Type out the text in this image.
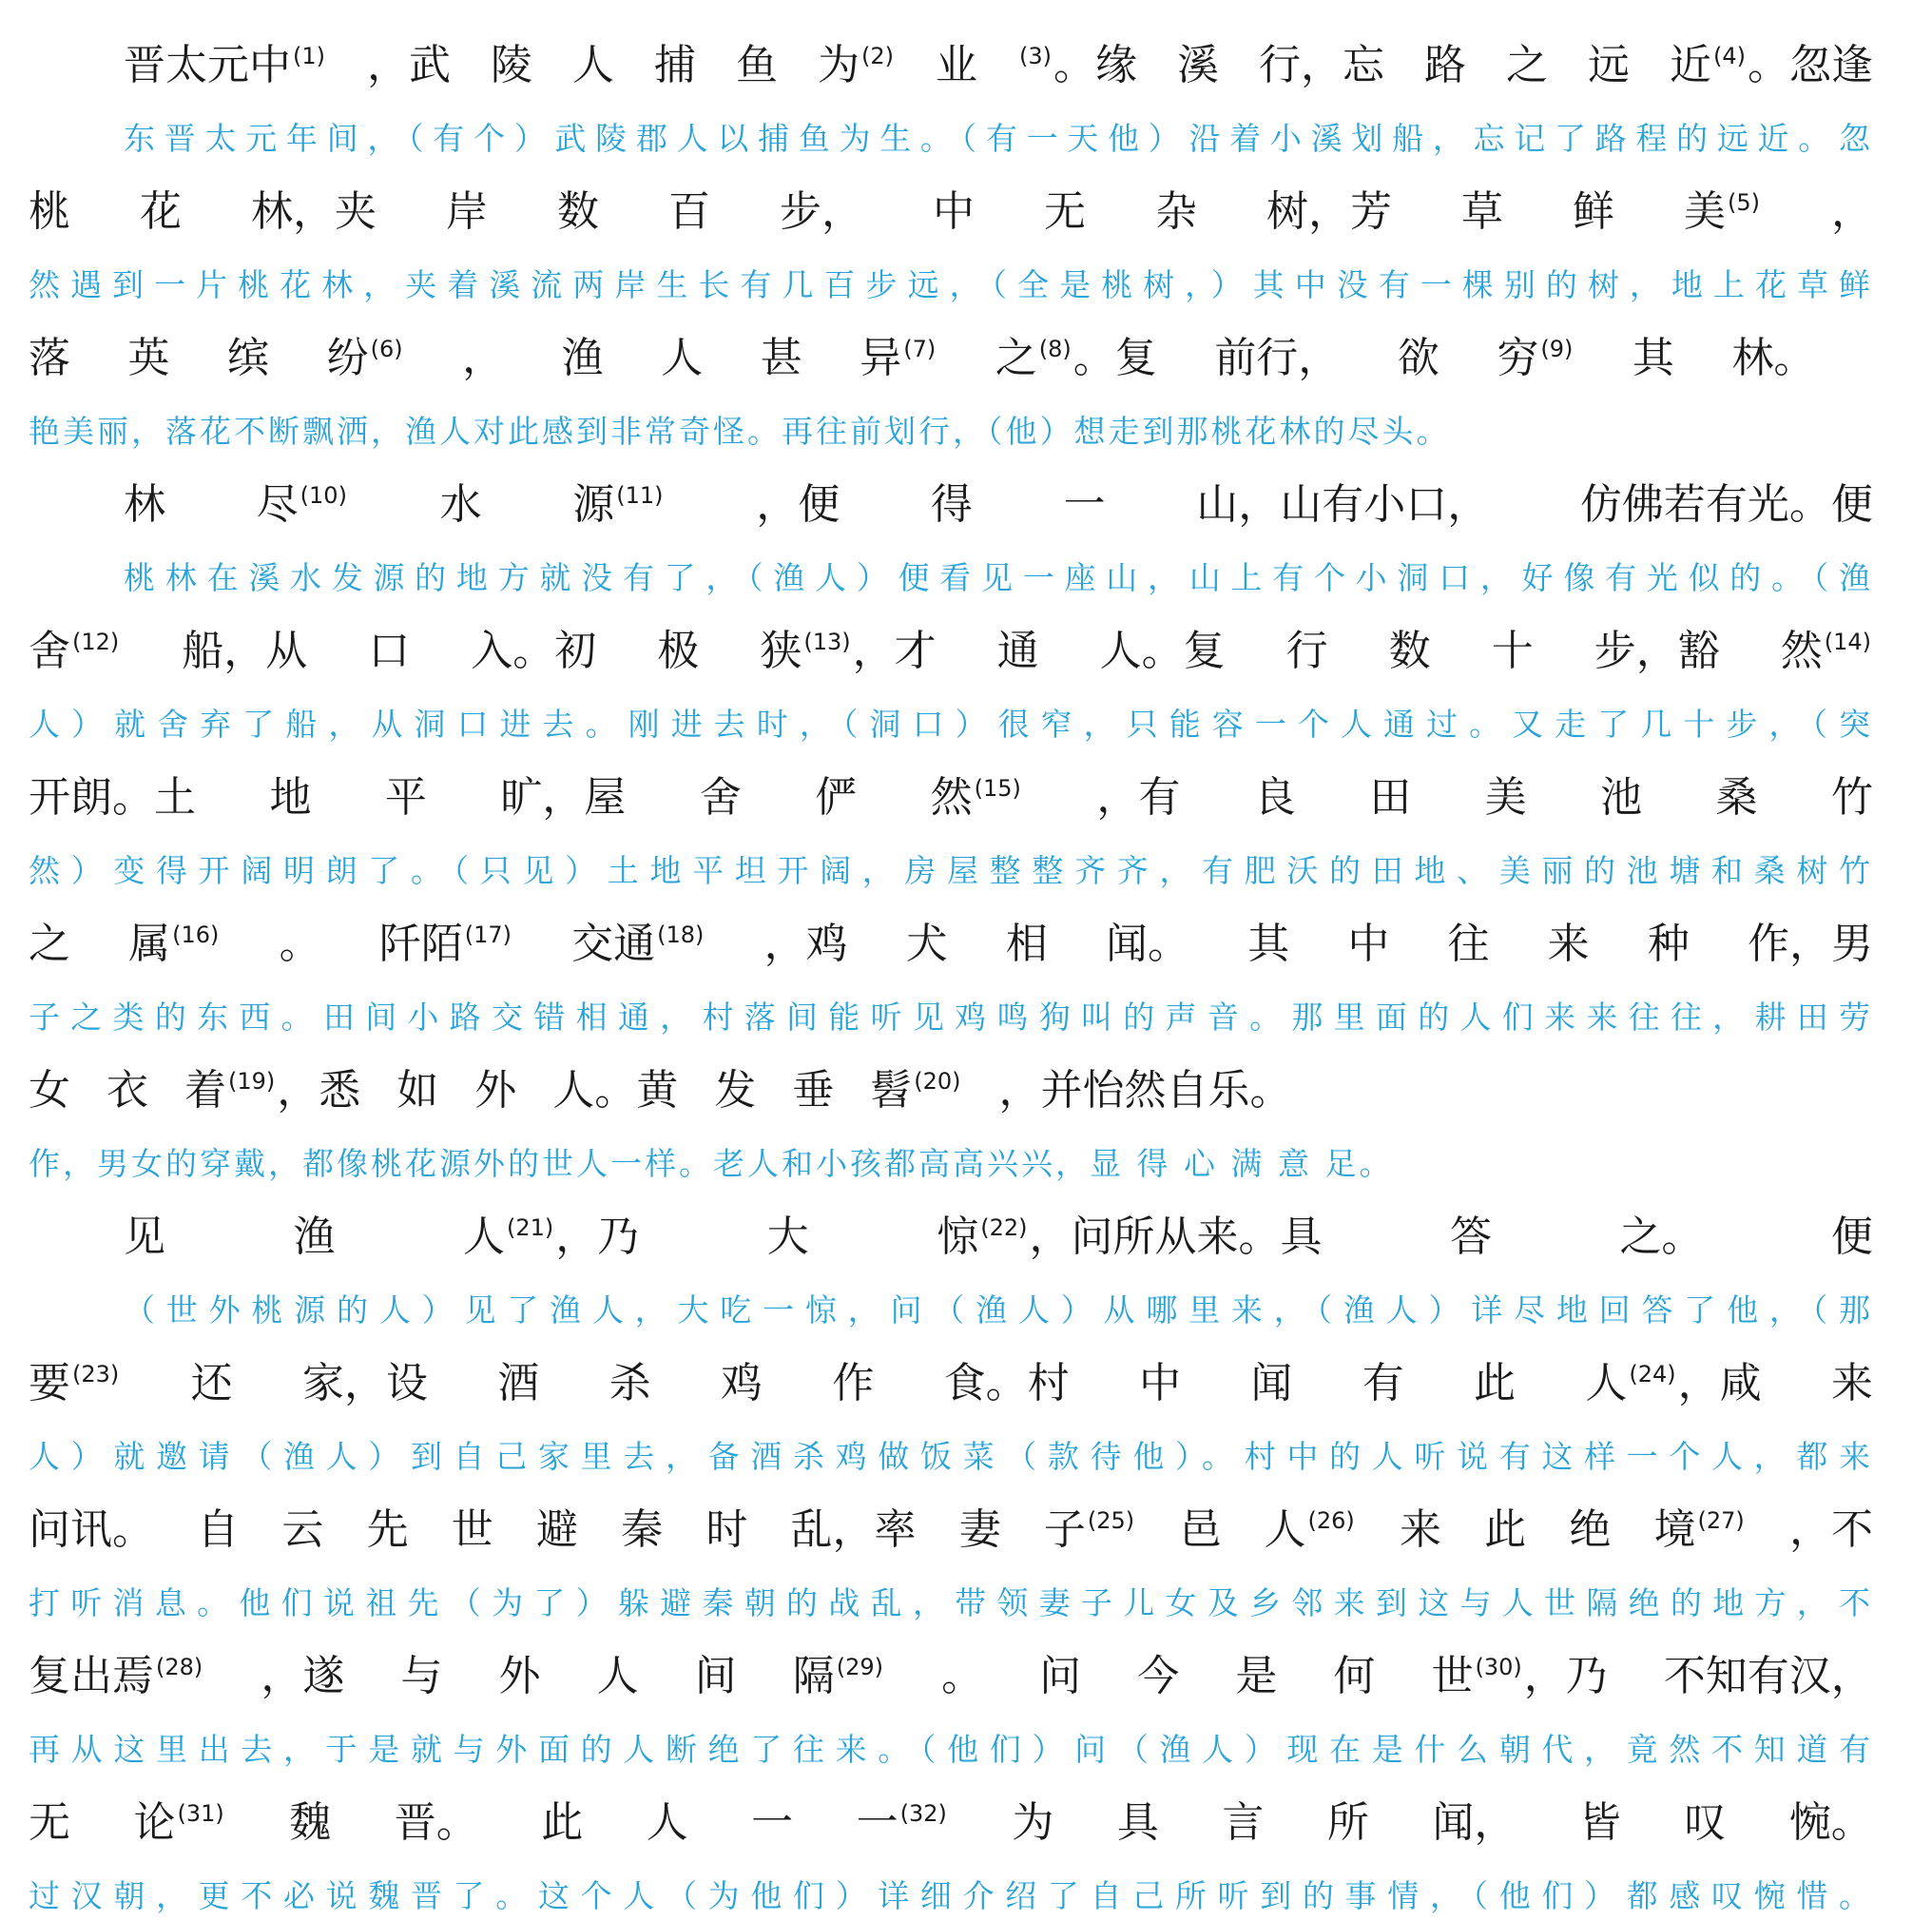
晋太元中$^{(1)}$ ，武 陵 人 捕 鱼 为$^{(2)}$ 业 $^{(3)}$。缘 溪 行，忘 路 之 远 近$^{(4)}$。忽逢
东晋太元年间，（有个）武陵郡人以捕鱼为生。（有一天他）沿着小溪划船，忘记了路程的远近。忽
桃 花 林，夹 岸 数 百 步， 中 无 杂 树，芳 草 鲜 美$^{(5)}$ ，
然遇到一片桃花林，夹着溪流两岸生长有几百步远，（全是桃树，）其中没有一棵别的树，地上花草鲜
落 英 缤 纷$^{(6)}$ ， 渔 人 甚 异$^{(7)}$ 之$^{(8)}$。复 前行， 欲 穷$^{(9)}$ 其 林。
艳美丽，落花不断飘洒，渔人对此感到非常奇怪。再往前划行，（他）想走到那桃花林的尽头。
林 尽$^{(10)}$ 水 源$^{(11)}$ ，便 得 一 山，山有小口， 仿佛若有光。便
桃林在溪水发源的地方就没有了，（渔人）便看见一座山，山上有个小洞口，好像有光似的。（渔
舍$^{(12)}$ 船，从 口 入。初 极 狭$^{(13)}$，才 通 人。复 行 数 十 步，豁 然$^{(14)}$
人）就舍弃了船，从洞口进去。刚进去时，（洞口）很窄，只能容一个人通过。又走了几十步，（突
开朗。土 地 平 旷，屋 舍 俨 然$^{(15)}$ ，有 良 田 美 池 桑 竹
然）变得开阔明朗了。（只见）土地平坦开阔，房屋整整齐齐，有肥沃的田地、美丽的池塘和桑树竹
之 属$^{(16)}$ 。 阡陌$^{(17)}$ 交通$^{(18)}$ ，鸡 犬 相 闻。 其 中 往 来 种 作，男
子之类的东西。田间小路交错相通，村落间能听见鸡鸣狗叫的声音。那里面的人们来来往往，耕田劳
女 衣 着$^{(19)}$，悉 如 外 人。黄 发 垂 髫$^{(20)}$ ，并怡然自乐。
作，男女的穿戴，都像桃花源外的世人一样。老人和小孩都高高兴兴，显 得 心 满 意 足。
见	渔	人$^{(21)}$，乃	大	惊$^{(22)}$，问所从来。具	答	之。	便
（世外桃源的人）见了渔人，大吃一惊，问（渔人）从哪里来，（渔人）详尽地回答了他，（那
要$^{(23)}$ 还 家，设 酒 杀 鸡 作 食。村 中 闻 有 此 人$^{(24)}$，咸 来
人）就邀请（渔人）到自己家里去，备酒杀鸡做饭菜（款待他）。村中的人听说有这样一个人，都来
问讯。 自 云 先 世 避 秦 时 乱，率 妻 子$^{(25)}$ 邑 人$^{(26)}$ 来 此 绝 境$^{(27)}$ ，不
打听消息。他们说祖先（为了）躲避秦朝的战乱，带领妻子儿女及乡邻来到这与人世隔绝的地方，不
复出焉$^{(28)}$ ，遂 与 外 人 间 隔$^{(29)}$ 。 问 今 是 何 世$^{(30)}$，乃 不知有汉，
再从这里出去，于是就与外面的人断绝了往来。（他们）问（渔人）现在是什么朝代，竟然不知道有
无 论$^{(31)}$ 魏 晋。 此 人 一 一$^{(32)}$ 为 具 言 所 闻， 皆 叹 惋。
过汉朝，更不必说魏晋了。这个人（为他们）详细介绍了自己所听到的事情，（他们）都感叹惋惜。
